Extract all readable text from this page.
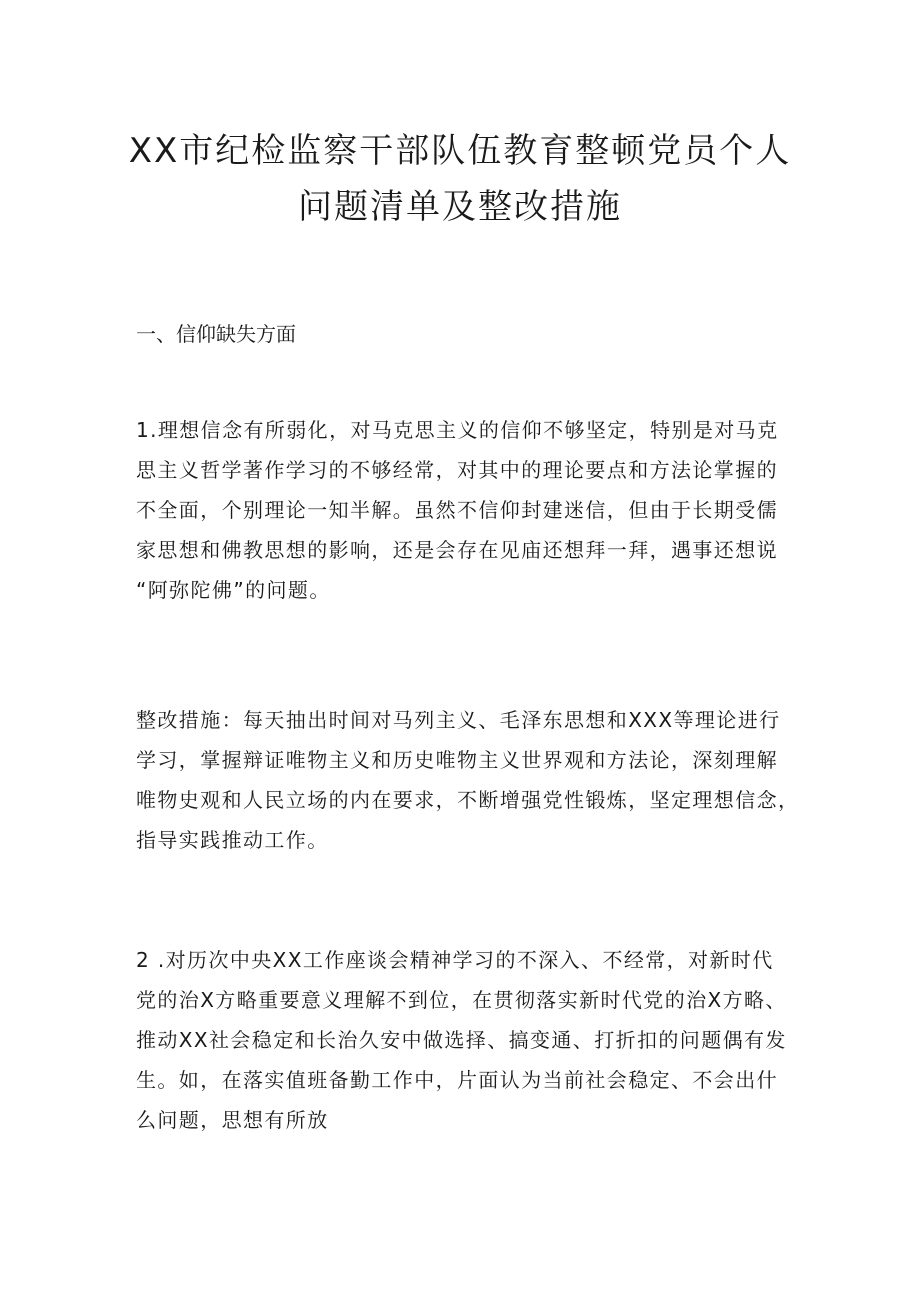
XX市纪检监察干部队伍教育整顿党员个人
问题清单及整改措施
一、信仰缺失方面
1.理想信念有所弱化，对马克思主义的信仰不够坚定，特别是对马克
思主义哲学著作学习的不够经常，对其中的理论要点和方法论掌握的
不全面，个别理论一知半解。虽然不信仰封建迷信，但由于长期受儒
家思想和佛教思想的影响，还是会存在见庙还想拜一拜，遇事还想说
“阿弥陀佛”的问题。
整改措施：每天抽出时间对马列主义、毛泽东思想和XXX等理论进行
学习，掌握辩证唯物主义和历史唯物主义世界观和方法论，深刻理解
唯物史观和人民立场的内在要求，不断增强党性锻炼，坚定理想信念，
指导实践推动工作。
2 .对历次中央XX工作座谈会精神学习的不深入、不经常，对新时代
党的治X方略重要意义理解不到位，在贯彻落实新时代党的治X方略、
推动XX社会稳定和长治久安中做选择、搞变通、打折扣的问题偶有发
生。如，在落实值班备勤工作中，片面认为当前社会稳定、不会出什
么问题，思想有所放
